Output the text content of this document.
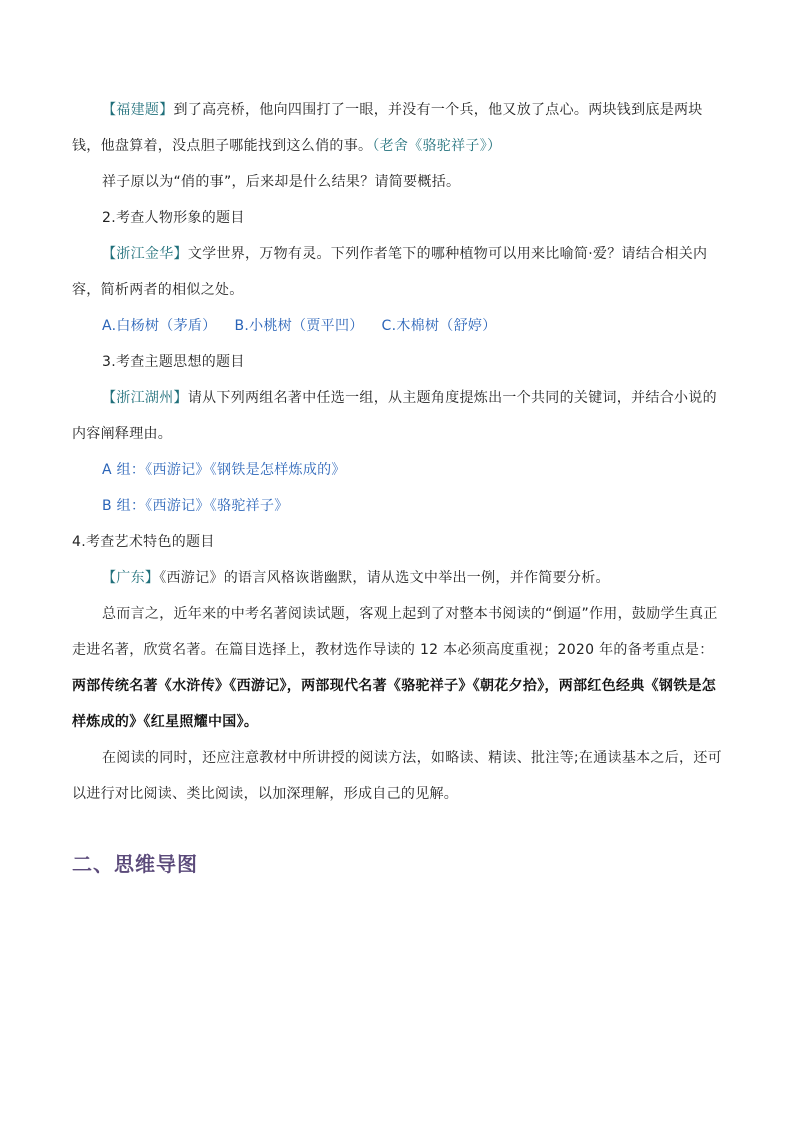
【福建题】到了高亮桥，他向四围打了一眼，并没有一个兵，他又放了点心。两块钱到底是两块钱，他盘算着，没点胆子哪能找到这么俏的事。（老舍《骆驼祥子》）

祥子原以为“俏的事”，后来却是什么结果？请简要概括。

2.考查人物形象的题目

【浙江金华】文学世界，万物有灵。下列作者笔下的哪种植物可以用来比喻简·爱？请结合相关内容，简析两者的相似之处。

A.白杨树（茅盾） B.小桃树（贾平凹） C.木棉树（舒婷）

3.考查主题思想的题目

【浙江湖州】请从下列两组名著中任选一组，从主题角度提炼出一个共同的关键词，并结合小说的内容阐释理由。

A 组：《西游记》《钢铁是怎样炼成的》

B 组：《西游记》《骆驼祥子》

4.考查艺术特色的题目

【广东】《西游记》的语言风格诙谐幽默，请从选文中举出一例，并作简要分析。

总而言之，近年来的中考名著阅读试题，客观上起到了对整本书阅读的“倒逼”作用，鼓励学生真正走进名著，欣赏名著。在篇目选择上，教材选作导读的 12 本必须高度重视；2020 年的备考重点是：两部传统名著《水浒传》《西游记》，两部现代名著《骆驼祥子》《朝花夕拾》，两部红色经典《钢铁是怎样炼成的》《红星照耀中国》。

在阅读的同时，还应注意教材中所讲授的阅读方法，如略读、精读、批注等;在通读基本之后，还可以进行对比阅读、类比阅读，以加深理解，形成自己的见解。

二、思维导图
